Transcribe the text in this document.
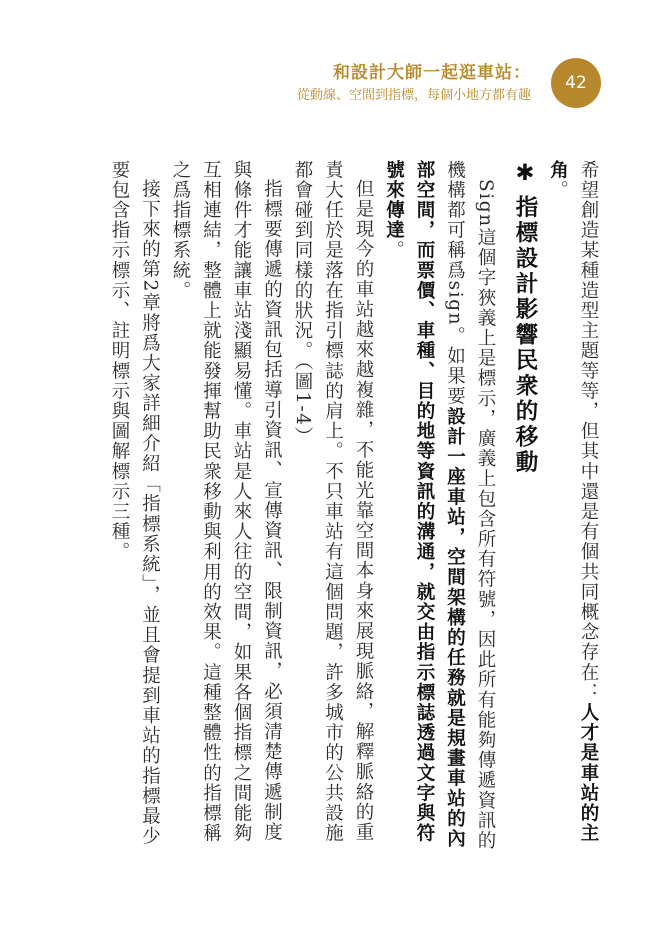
和設計大師一起逛車站：
從動線、空間到指標，每個小地方都有趣
42

希望創造某種造型主題等等，但其中還是有個共同概念存在：人才是車站的主角。

✱指標設計影響民衆的移動

Sign這個字狹義上是標示，廣義上包含所有符號，因此所有能夠傳遞資訊的機構都可稱爲sign。如果要設計一座車站，空間架構的任務就是規畫車站的內部空間，而票價、車種、目的地等資訊的溝通，就交由指示標誌透過文字與符號來傳達。

但是現今的車站越來越複雜，不能光靠空間本身來展現脈絡，解釋脈絡的重責大任於是落在指引標誌的肩上。不只車站有這個問題，許多城市的公共設施都會碰到同樣的狀況。（圖1-4）

指標要傳遞的資訊包括導引資訊、宣傳資訊、限制資訊，必須清楚傳遞制度與條件才能讓車站淺顯易懂。車站是人來人往的空間，如果各個指標之間能夠互相連結，整體上就能發揮幫助民衆移動與利用的效果。這種整體性的指標稱之爲指標系統。

接下來的第2章將爲大家詳細介紹「指標系統」，並且會提到車站的指標最少要包含指示標示、註明標示與圖解標示三種。
